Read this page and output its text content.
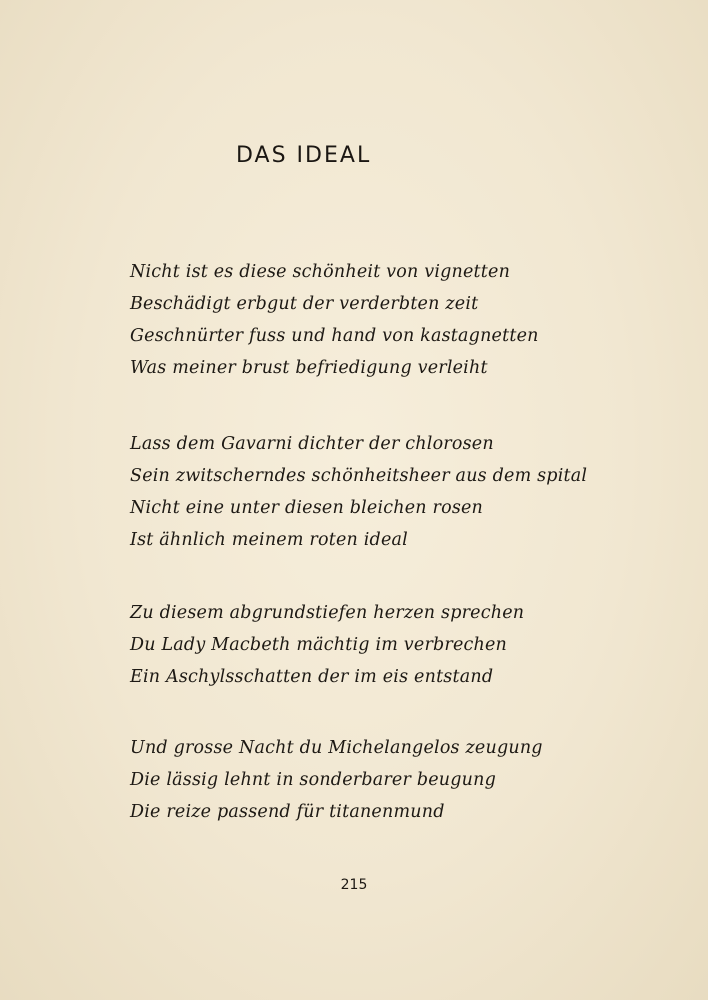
DAS IDEAL
Nicht ist es diese schönheit von vignetten
Beschädigt erbgut der verderbten zeit
Geschnürter fuss und hand von kastagnetten
Was meiner brust befriedigung verleiht
Lass dem Gavarni dichter der chlorosen
Sein zwitscherndes schönheitsheer aus dem spital
Nicht eine unter diesen bleichen rosen
Ist ähnlich meinem roten ideal
Zu diesem abgrundstiefen herzen sprechen
Du Lady Macbeth mächtig im verbrechen
Ein Aschylsschatten der im eis entstand
Und grosse Nacht du Michelangelos zeugung
Die lässig lehnt in sonderbarer beugung
Die reize passend für titanenmund
215
